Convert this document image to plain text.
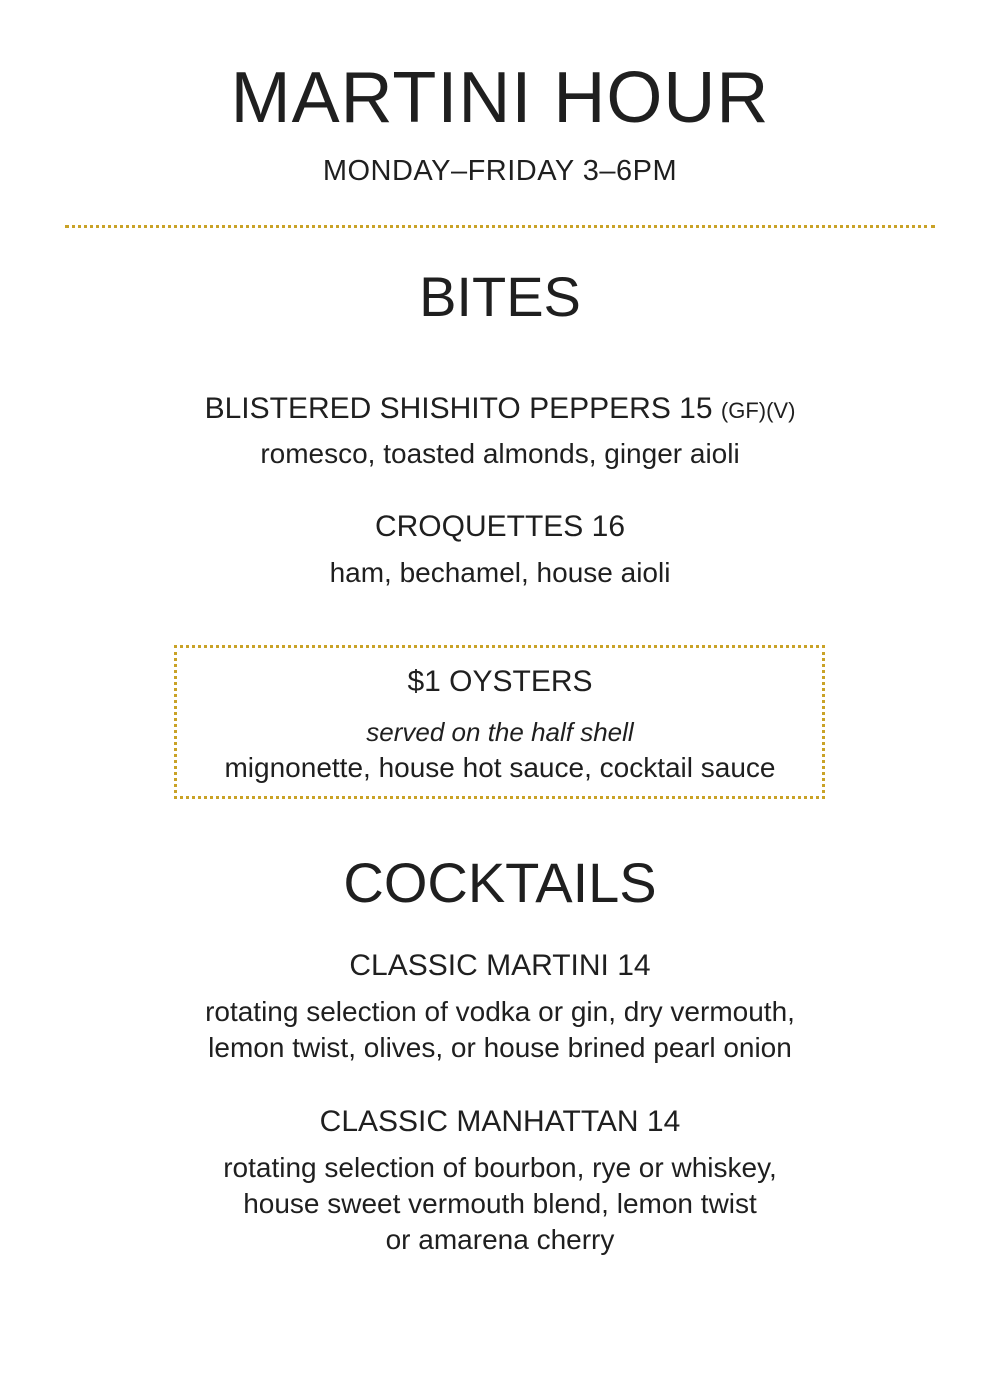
MARTINI HOUR
MONDAY–FRIDAY 3–6PM
BITES
BLISTERED SHISHITO PEPPERS 15 (GF)(V)
romesco, toasted almonds, ginger aioli
CROQUETTES 16
ham, bechamel, house aioli
$1 OYSTERS
served on the half shell
mignonette, house hot sauce, cocktail sauce
COCKTAILS
CLASSIC MARTINI 14
rotating selection of vodka or gin, dry vermouth,
lemon twist, olives, or house brined pearl onion
CLASSIC MANHATTAN 14
rotating selection of bourbon, rye or whiskey,
house sweet vermouth blend, lemon twist
or amarena cherry
